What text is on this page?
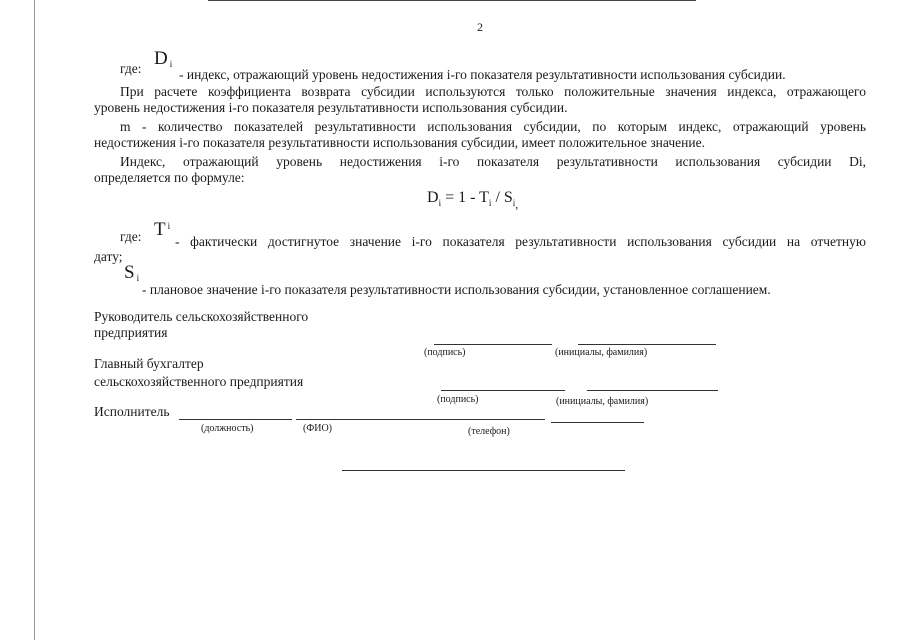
2
где: D $_i$
- индекс, отражающий уровень недостижения i-го показателя результативности использования субсидии.
При расчете коэффициента возврата субсидии используются только положительные значения индекса, отражающего
уровень недостижения i-го показателя результативности использования субсидии.
m - количество показателей результативности использования субсидии, по которым индекс, отражающий уровень
недостижения i-го показателя результативности использования субсидии, имеет положительное значение.
Индекс, отражающий уровень недостижения i-го показателя результативности использования субсидии Di,
определяется по формуле:
$D_i = 1 - T_i / S_{i,}$
где: T $^i$
- фактически достигнутое значение i-го показателя результативности использования субсидии на отчетную
дату;
S $_i$
- плановое значение i-го показателя результативности использования субсидии, установленное соглашением.
Руководитель сельскохозяйственного
предприятия
(подпись)	(инициалы, фамилия)
Главный бухгалтер
сельскохозяйственного предприятия
(подпись)	(инициалы, фамилия)
Исполнитель
(должность)	(ФИО)	(телефон)
